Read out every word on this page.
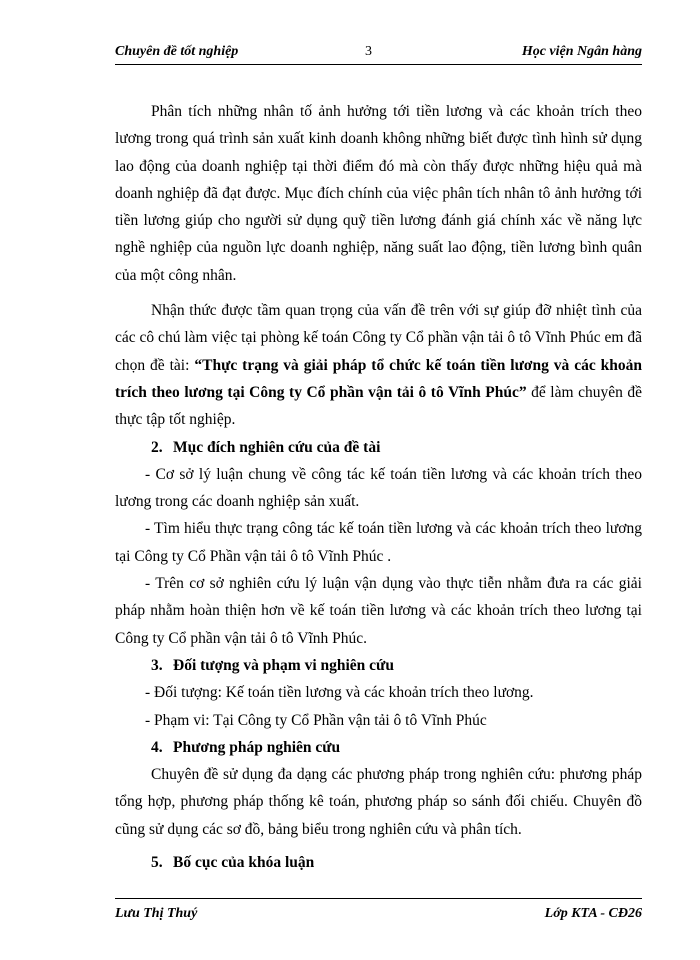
Chuyên đề tốt nghiệp	3	Học viện Ngân hàng

Phân tích những nhân tố ảnh hưởng tới tiền lương và các khoản trích theo lương trong quá trình sản xuất kinh doanh không những biết được tình hình sử dụng lao động của doanh nghiệp tại thời điểm đó mà còn thấy được những hiệu quả mà doanh nghiệp đã đạt được. Mục đích chính của việc phân tích nhân tô ảnh hưởng tới tiền lương giúp cho người sử dụng quỹ tiền lương đánh giá chính xác về năng lực nghề nghiệp của nguồn lực doanh nghiệp, năng suất lao động, tiền lương bình quân của một công nhân.

Nhận thức được tầm quan trọng của vấn đề trên với sự giúp đỡ nhiệt tình của các cô chú làm việc tại phòng kế toán Công ty Cổ phần vận tải ô tô Vĩnh Phúc em đã chọn đề tài: “Thực trạng và giải pháp tổ chức kế toán tiền lương và các khoản trích theo lương tại Công ty Cổ phần vận tải ô tô Vĩnh Phúc” để làm chuyên đề thực tập tốt nghiệp.

2. Mục đích nghiên cứu của đề tài

- Cơ sở lý luận chung về công tác kế toán tiền lương và các khoản trích theo lương trong các doanh nghiệp sản xuất.

- Tìm hiểu thực trạng công tác kế toán tiền lương và các khoản trích theo lương tại Công ty Cổ Phần vận tải ô tô Vĩnh Phúc .

- Trên cơ sở nghiên cứu lý luận vận dụng vào thực tiễn nhằm đưa ra các giải pháp nhằm hoàn thiện hơn về kế toán tiền lương và các khoản trích theo lương tại Công ty Cổ phần vận tải ô tô Vĩnh Phúc.

3. Đối tượng và phạm vi nghiên cứu

- Đối tượng: Kế toán tiền lương và các khoản trích theo lương.

- Phạm vi: Tại Công ty Cổ Phần vận tải ô tô Vĩnh Phúc

4. Phương pháp nghiên cứu

Chuyên đề sử dụng đa dạng các phương pháp trong nghiên cứu: phương pháp tổng hợp, phương pháp thống kê toán, phương pháp so sánh đối chiếu. Chuyên đồ cũng sử dụng các sơ đồ, bảng biểu trong nghiên cứu và phân tích.

5. Bố cục của khóa luận

Lưu Thị Thuý	Lớp KTA - CĐ26
